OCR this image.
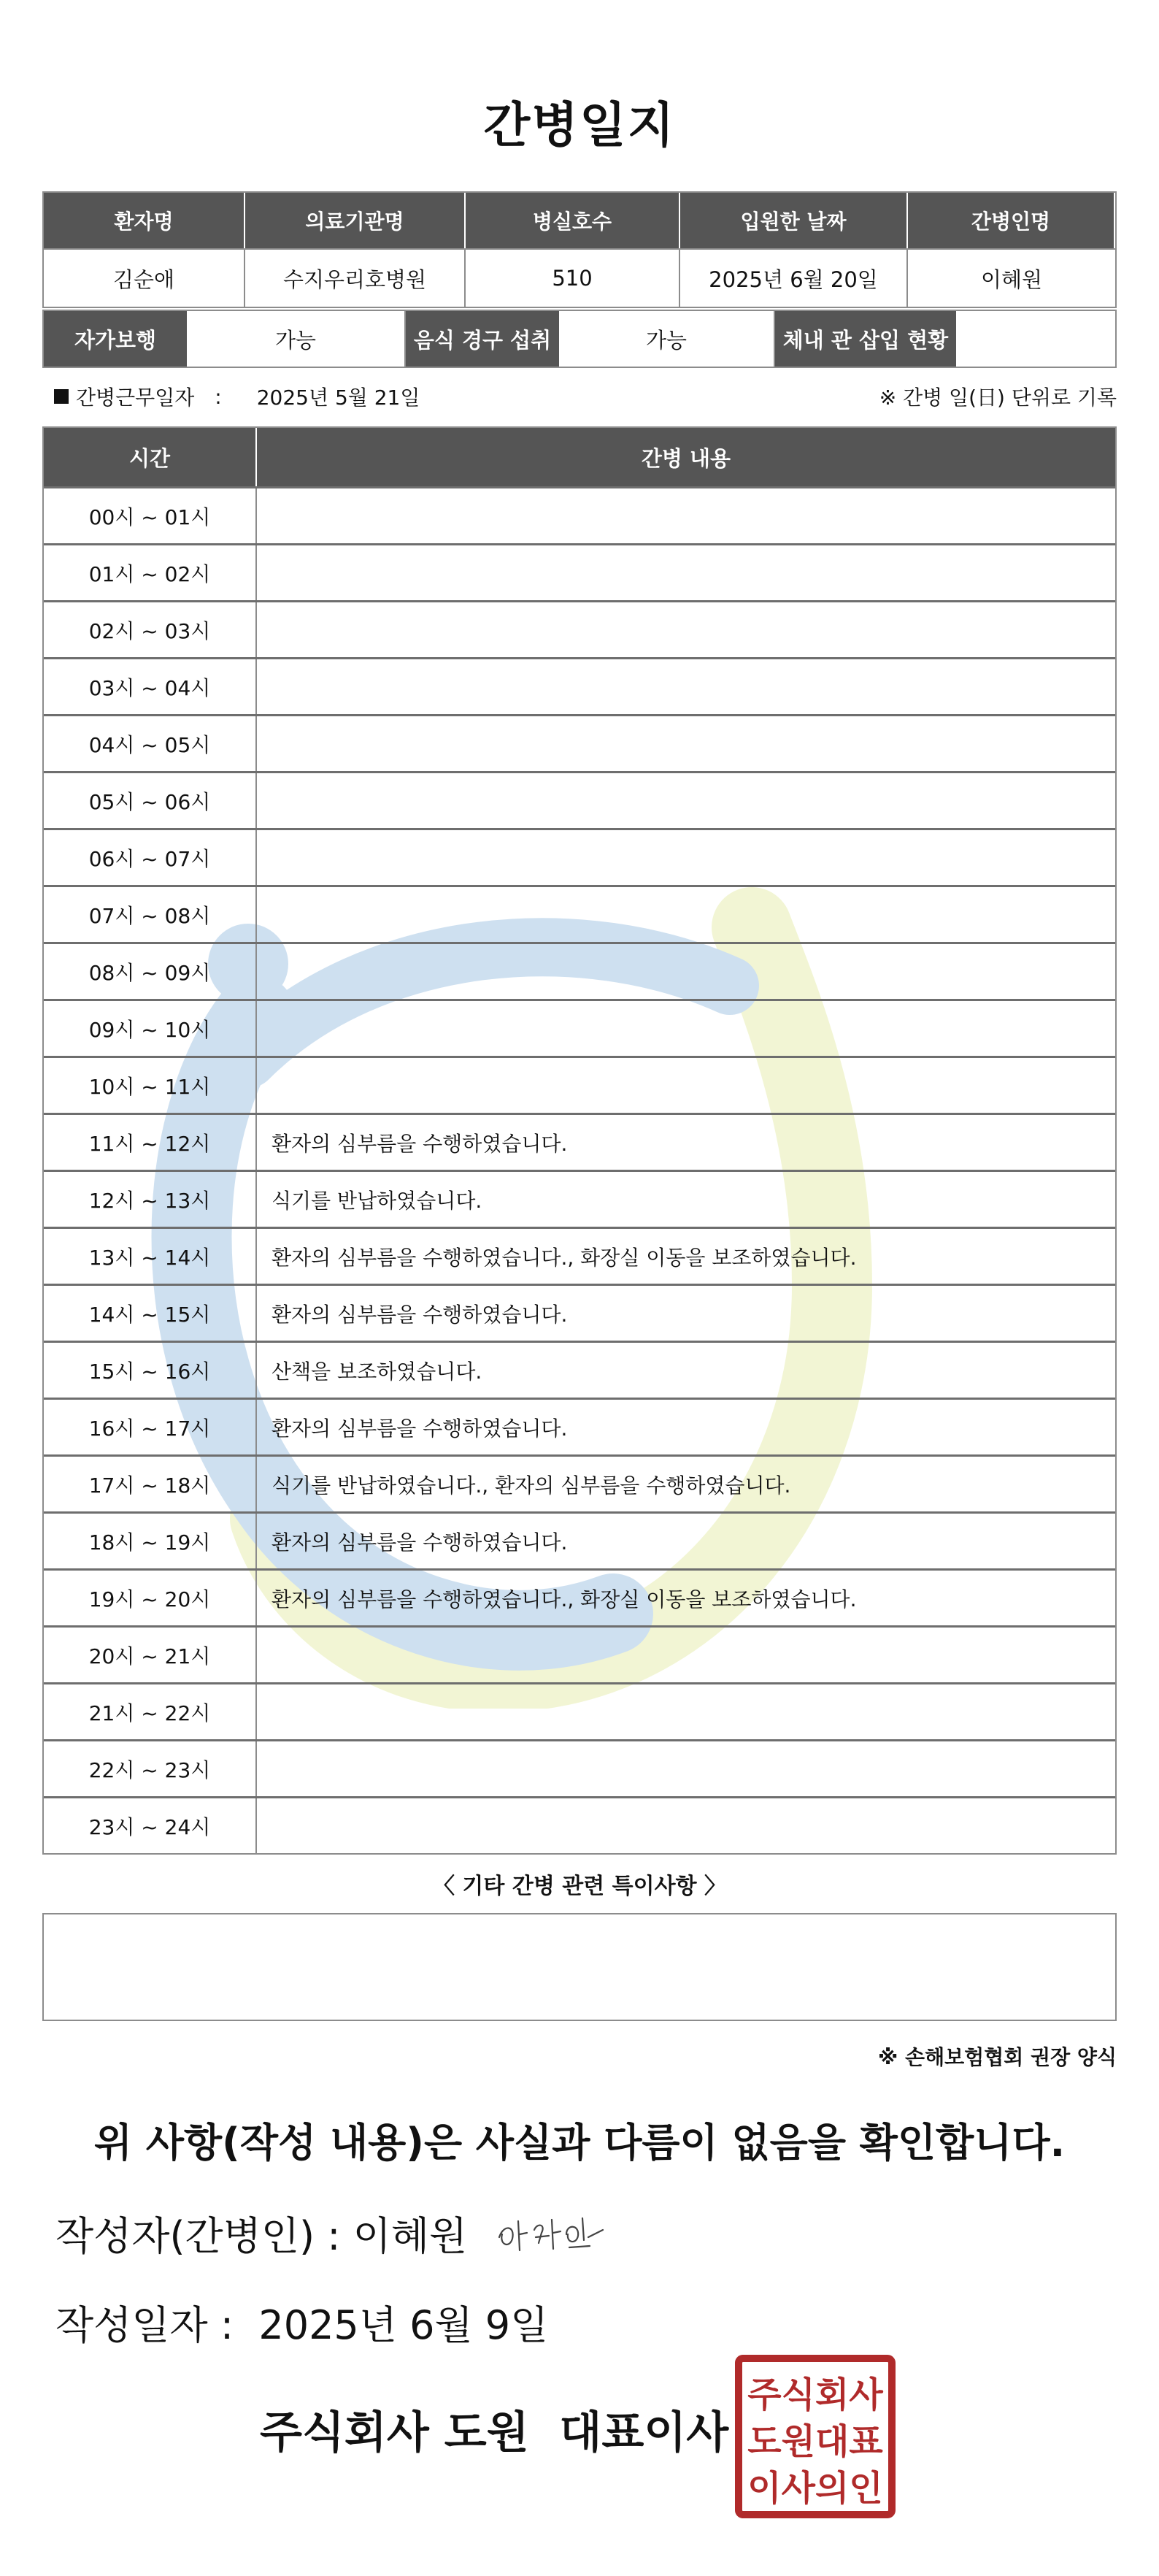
간병일지
환자명	의료기관명	병실호수	입원한 날짜	간병인명
김순애	수지우리호병원	510	2025년 6월 20일	이혜원
자가보행	가능	음식 경구 섭취	가능	체내 관 삽입 현황
간병근무일자 : 2025년 5월 21일	※ 간병 일(日) 단위로 기록
시간	간병 내용
00시 ~ 01시
01시 ~ 02시
02시 ~ 03시
03시 ~ 04시
04시 ~ 05시
05시 ~ 06시
06시 ~ 07시
07시 ~ 08시
08시 ~ 09시
09시 ~ 10시
10시 ~ 11시
11시 ~ 12시	환자의 심부름을 수행하였습니다.
12시 ~ 13시	식기를 반납하였습니다.
13시 ~ 14시	환자의 심부름을 수행하였습니다., 화장실 이동을 보조하였습니다.
14시 ~ 15시	환자의 심부름을 수행하였습니다.
15시 ~ 16시	산책을 보조하였습니다.
16시 ~ 17시	환자의 심부름을 수행하였습니다.
17시 ~ 18시	식기를 반납하였습니다., 환자의 심부름을 수행하였습니다.
18시 ~ 19시	환자의 심부름을 수행하였습니다.
19시 ~ 20시	환자의 심부름을 수행하였습니다., 화장실 이동을 보조하였습니다.
20시 ~ 21시
21시 ~ 22시
22시 ~ 23시
23시 ~ 24시
〈 기타 간병 관련 특이사항 〉
※ 손해보험협회 권장 양식
위 사항(작성 내용)은 사실과 다름이 없음을 확인합니다.
작성자(간병인) :
이혜원
작성일자 : 2025년 6월 9일
주식회사 도원  대표이사
주식회사
도원대표
이사의인
